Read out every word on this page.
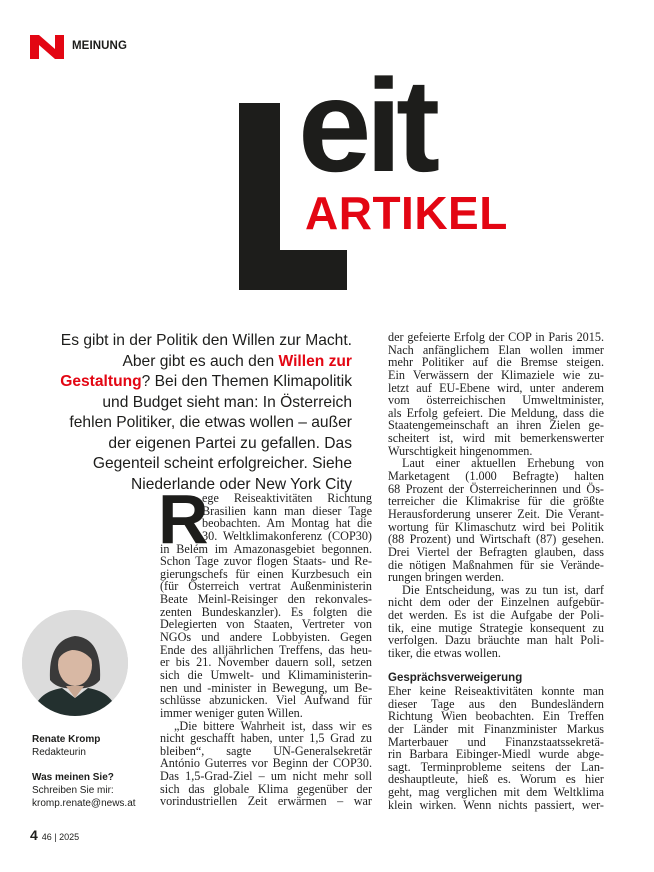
MEINUNG
eit
ARTIKEL
Es gibt in der Politik den Willen zur Macht. Aber gibt es auch den Willen zur Gestaltung? Bei den Themen Klimapolitik und Budget sieht man: In Österreich fehlen Politiker, die etwas wollen – außer der eigenen Partei zu gefallen. Das Gegenteil scheint erfolgreicher. Siehe Niederlande oder New York City
R
ege Reiseaktivitäten Richtung
Brasilien kann man dieser Tage
beobachten. Am Montag hat die
30. Weltklimakonferenz (COP30)
in Belém im Amazonasgebiet begonnen.
Schon Tage zuvor flogen Staats- und Re-
gierungschefs für einen Kurzbesuch ein
(für Österreich vertrat Außenministerin
Beate Meinl-Reisinger den rekonvales-
zenten Bundeskanzler). Es folgten die
Delegierten von Staaten, Vertreter von
NGOs und andere Lobbyisten. Gegen
Ende des alljährlichen Treffens, das heu-
er bis 21. November dauern soll, setzen
sich die Umwelt- und Klimaministerin-
nen und -minister in Bewegung, um Be-
schlüsse abzunicken. Viel Aufwand für
immer weniger guten Willen.
„Die bittere Wahrheit ist, dass wir es
nicht geschafft haben, unter 1,5 Grad zu
bleiben“, sagte UN-Generalsekretär
António Guterres vor Beginn der COP30.
Das 1,5-Grad-Ziel – um nicht mehr soll
sich das globale Klima gegenüber der
vorindustriellen Zeit erwärmen – war
der gefeierte Erfolg der COP in Paris 2015.
Nach anfänglichem Elan wollen immer
mehr Politiker auf die Bremse steigen.
Ein Verwässern der Klimaziele wie zu-
letzt auf EU-Ebene wird, unter anderem
vom österreichischen Umweltminister,
als Erfolg gefeiert. Die Meldung, dass die
Staatengemeinschaft an ihren Zielen ge-
scheitert ist, wird mit bemerkenswerter
Wurschtigkeit hingenommen.
Laut einer aktuellen Erhebung von
Marketagent (1.000 Befragte) halten
68 Prozent der Österreicherinnen und Ös-
terreicher die Klimakrise für die größte
Herausforderung unserer Zeit. Die Verant-
wortung für Klimaschutz wird bei Politik
(88 Prozent) und Wirtschaft (87) gesehen.
Drei Viertel der Befragten glauben, dass
die nötigen Maßnahmen für sie Verände-
rungen bringen werden.
Die Entscheidung, was zu tun ist, darf
nicht dem oder der Einzelnen aufgebür-
det werden. Es ist die Aufgabe der Poli-
tik, eine mutige Strategie konsequent zu
verfolgen. Dazu bräuchte man halt Poli-
tiker, die etwas wollen.
Gesprächsverweigerung
Eher keine Reiseaktivitäten konnte man
dieser Tage aus den Bundesländern
Richtung Wien beobachten. Ein Treffen
der Länder mit Finanzminister Markus
Marterbauer und Finanzstaatssekretä-
rin Barbara Eibinger-Miedl wurde abge-
sagt. Terminprobleme seitens der Lan-
deshauptleute, hieß es. Worum es hier
geht, mag verglichen mit dem Weltklima
klein wirken. Wenn nichts passiert, wer-
Renate Kromp
Redakteurin
Was meinen Sie?
Schreiben Sie mir:
kromp.renate@news.at
4 46 | 2025
